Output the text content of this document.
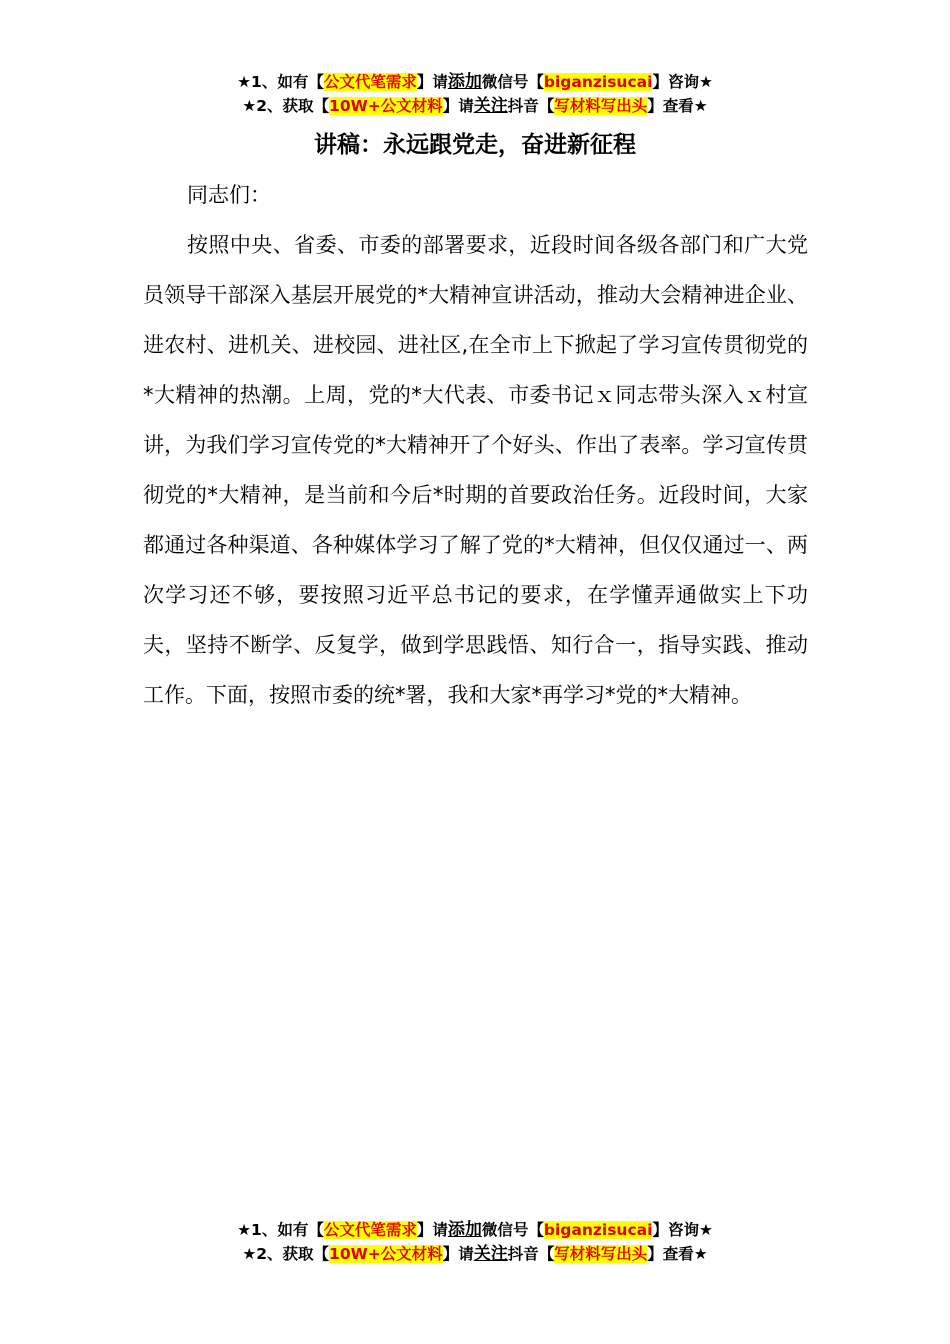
★1、如有【公文代笔需求】请添加微信号【biganzisucai】咨询★
★2、获取【10W+公文材料】请关注抖音【写材料写出头】查看★
讲稿：永远跟党走，奋进新征程
同志们：
按照中央、省委、市委的部署要求，近段时间各级各部门和广大党员领导干部深入基层开展党的*大精神宣讲活动，推动大会精神进企业、进农村、进机关、进校园、进社区,在全市上下掀起了学习宣传贯彻党的*大精神的热潮。上周，党的*大代表、市委书记ｘ同志带头深入ｘ村宣讲，为我们学习宣传党的*大精神开了个好头、作出了表率。学习宣传贯彻党的*大精神，是当前和今后*时期的首要政治任务。近段时间，大家都通过各种渠道、各种媒体学习了解了党的*大精神，但仅仅通过一、两次学习还不够，要按照习近平总书记的要求，在学懂弄通做实上下功夫，坚持不断学、反复学，做到学思践悟、知行合一，指导实践、推动工作。下面，按照市委的统*署，我和大家*再学习*党的*大精神。
★1、如有【公文代笔需求】请添加微信号【biganzisucai】咨询★
★2、获取【10W+公文材料】请关注抖音【写材料写出头】查看★
